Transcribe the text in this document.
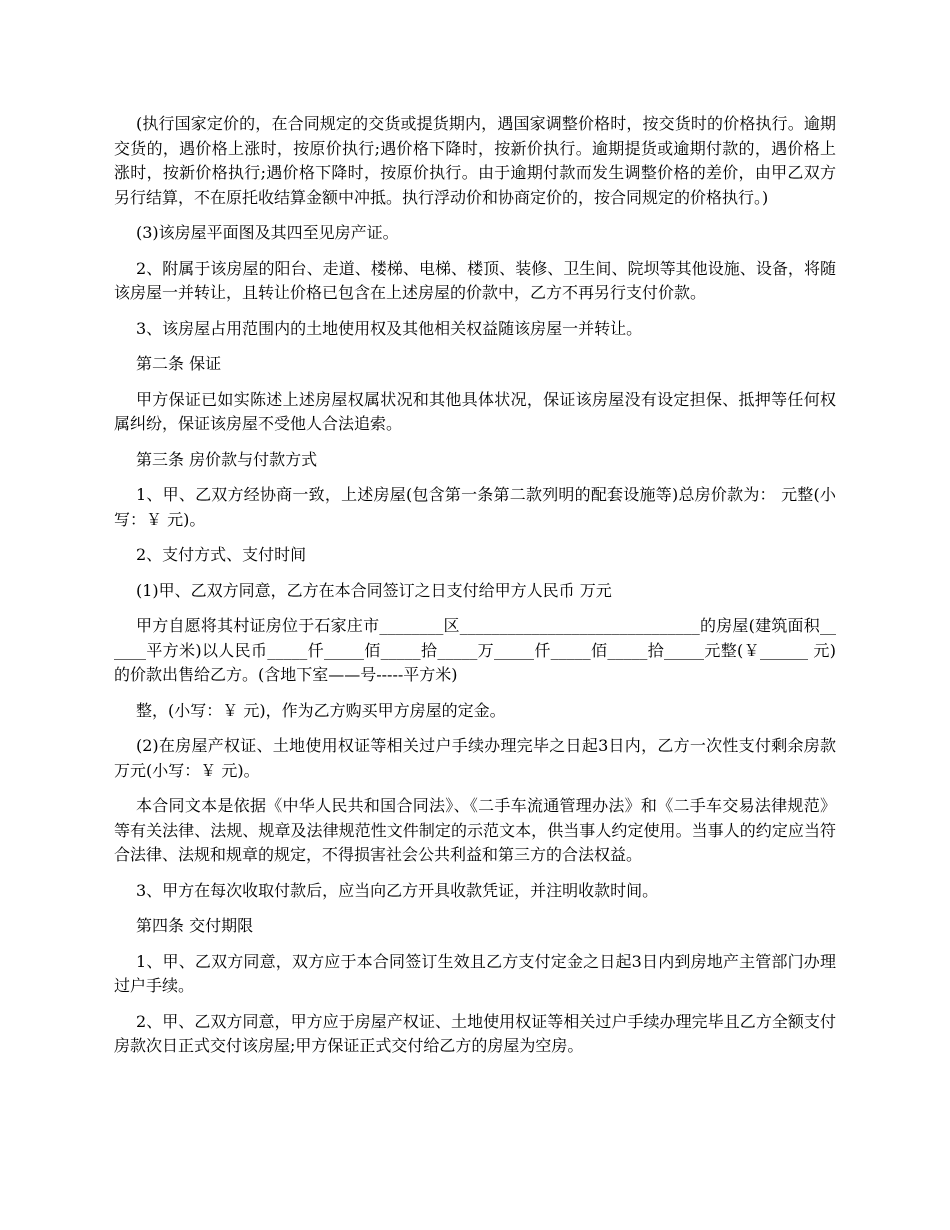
(执行国家定价的，在合同规定的交货或提货期内，遇国家调整价格时，按交货时的价格执行。逾期交货的，遇价格上涨时，按原价执行;遇价格下降时，按新价执行。逾期提货或逾期付款的，遇价格上涨时，按新价格执行;遇价格下降时，按原价执行。由于逾期付款而发生调整价格的差价，由甲乙双方另行结算，不在原托收结算金额中冲抵。执行浮动价和协商定价的，按合同规定的价格执行。)

(3)该房屋平面图及其四至见房产证。

2、附属于该房屋的阳台、走道、楼梯、电梯、楼顶、装修、卫生间、院坝等其他设施、设备，将随该房屋一并转让，且转让价格已包含在上述房屋的价款中，乙方不再另行支付价款。

3、该房屋占用范围内的土地使用权及其他相关权益随该房屋一并转让。

第二条 保证

甲方保证已如实陈述上述房屋权属状况和其他具体状况，保证该房屋没有设定担保、抵押等任何权属纠纷，保证该房屋不受他人合法追索。

第三条 房价款与付款方式

1、甲、乙双方经协商一致，上述房屋(包含第一条第二款列明的配套设施等)总房价款为： 元整(小写：￥ 元)。

2、支付方式、支付时间

(1)甲、乙双方同意，乙方在本合同签订之日支付给甲方人民币 万元

甲方自愿将其村证房位于石家庄市________区______________________________的房屋(建筑面积______平方米)以人民币_____仟_____佰_____拾_____万_____仟_____佰_____拾_____元整(￥______ 元)的价款出售给乙方。(含地下室——号-----平方米)

整，(小写：￥ 元)，作为乙方购买甲方房屋的定金。

(2)在房屋产权证、土地使用权证等相关过户手续办理完毕之日起3日内，乙方一次性支付剩余房款 万元(小写：￥ 元)。

本合同文本是依据《中华人民共和国合同法》、《二手车流通管理办法》和《二手车交易法律规范》等有关法律、法规、规章及法律规范性文件制定的示范文本，供当事人约定使用。当事人的约定应当符合法律、法规和规章的规定，不得损害社会公共利益和第三方的合法权益。

3、甲方在每次收取付款后，应当向乙方开具收款凭证，并注明收款时间。

第四条 交付期限

1、甲、乙双方同意，双方应于本合同签订生效且乙方支付定金之日起3日内到房地产主管部门办理过户手续。

2、甲、乙双方同意，甲方应于房屋产权证、土地使用权证等相关过户手续办理完毕且乙方全额支付房款次日正式交付该房屋;甲方保证正式交付给乙方的房屋为空房。
